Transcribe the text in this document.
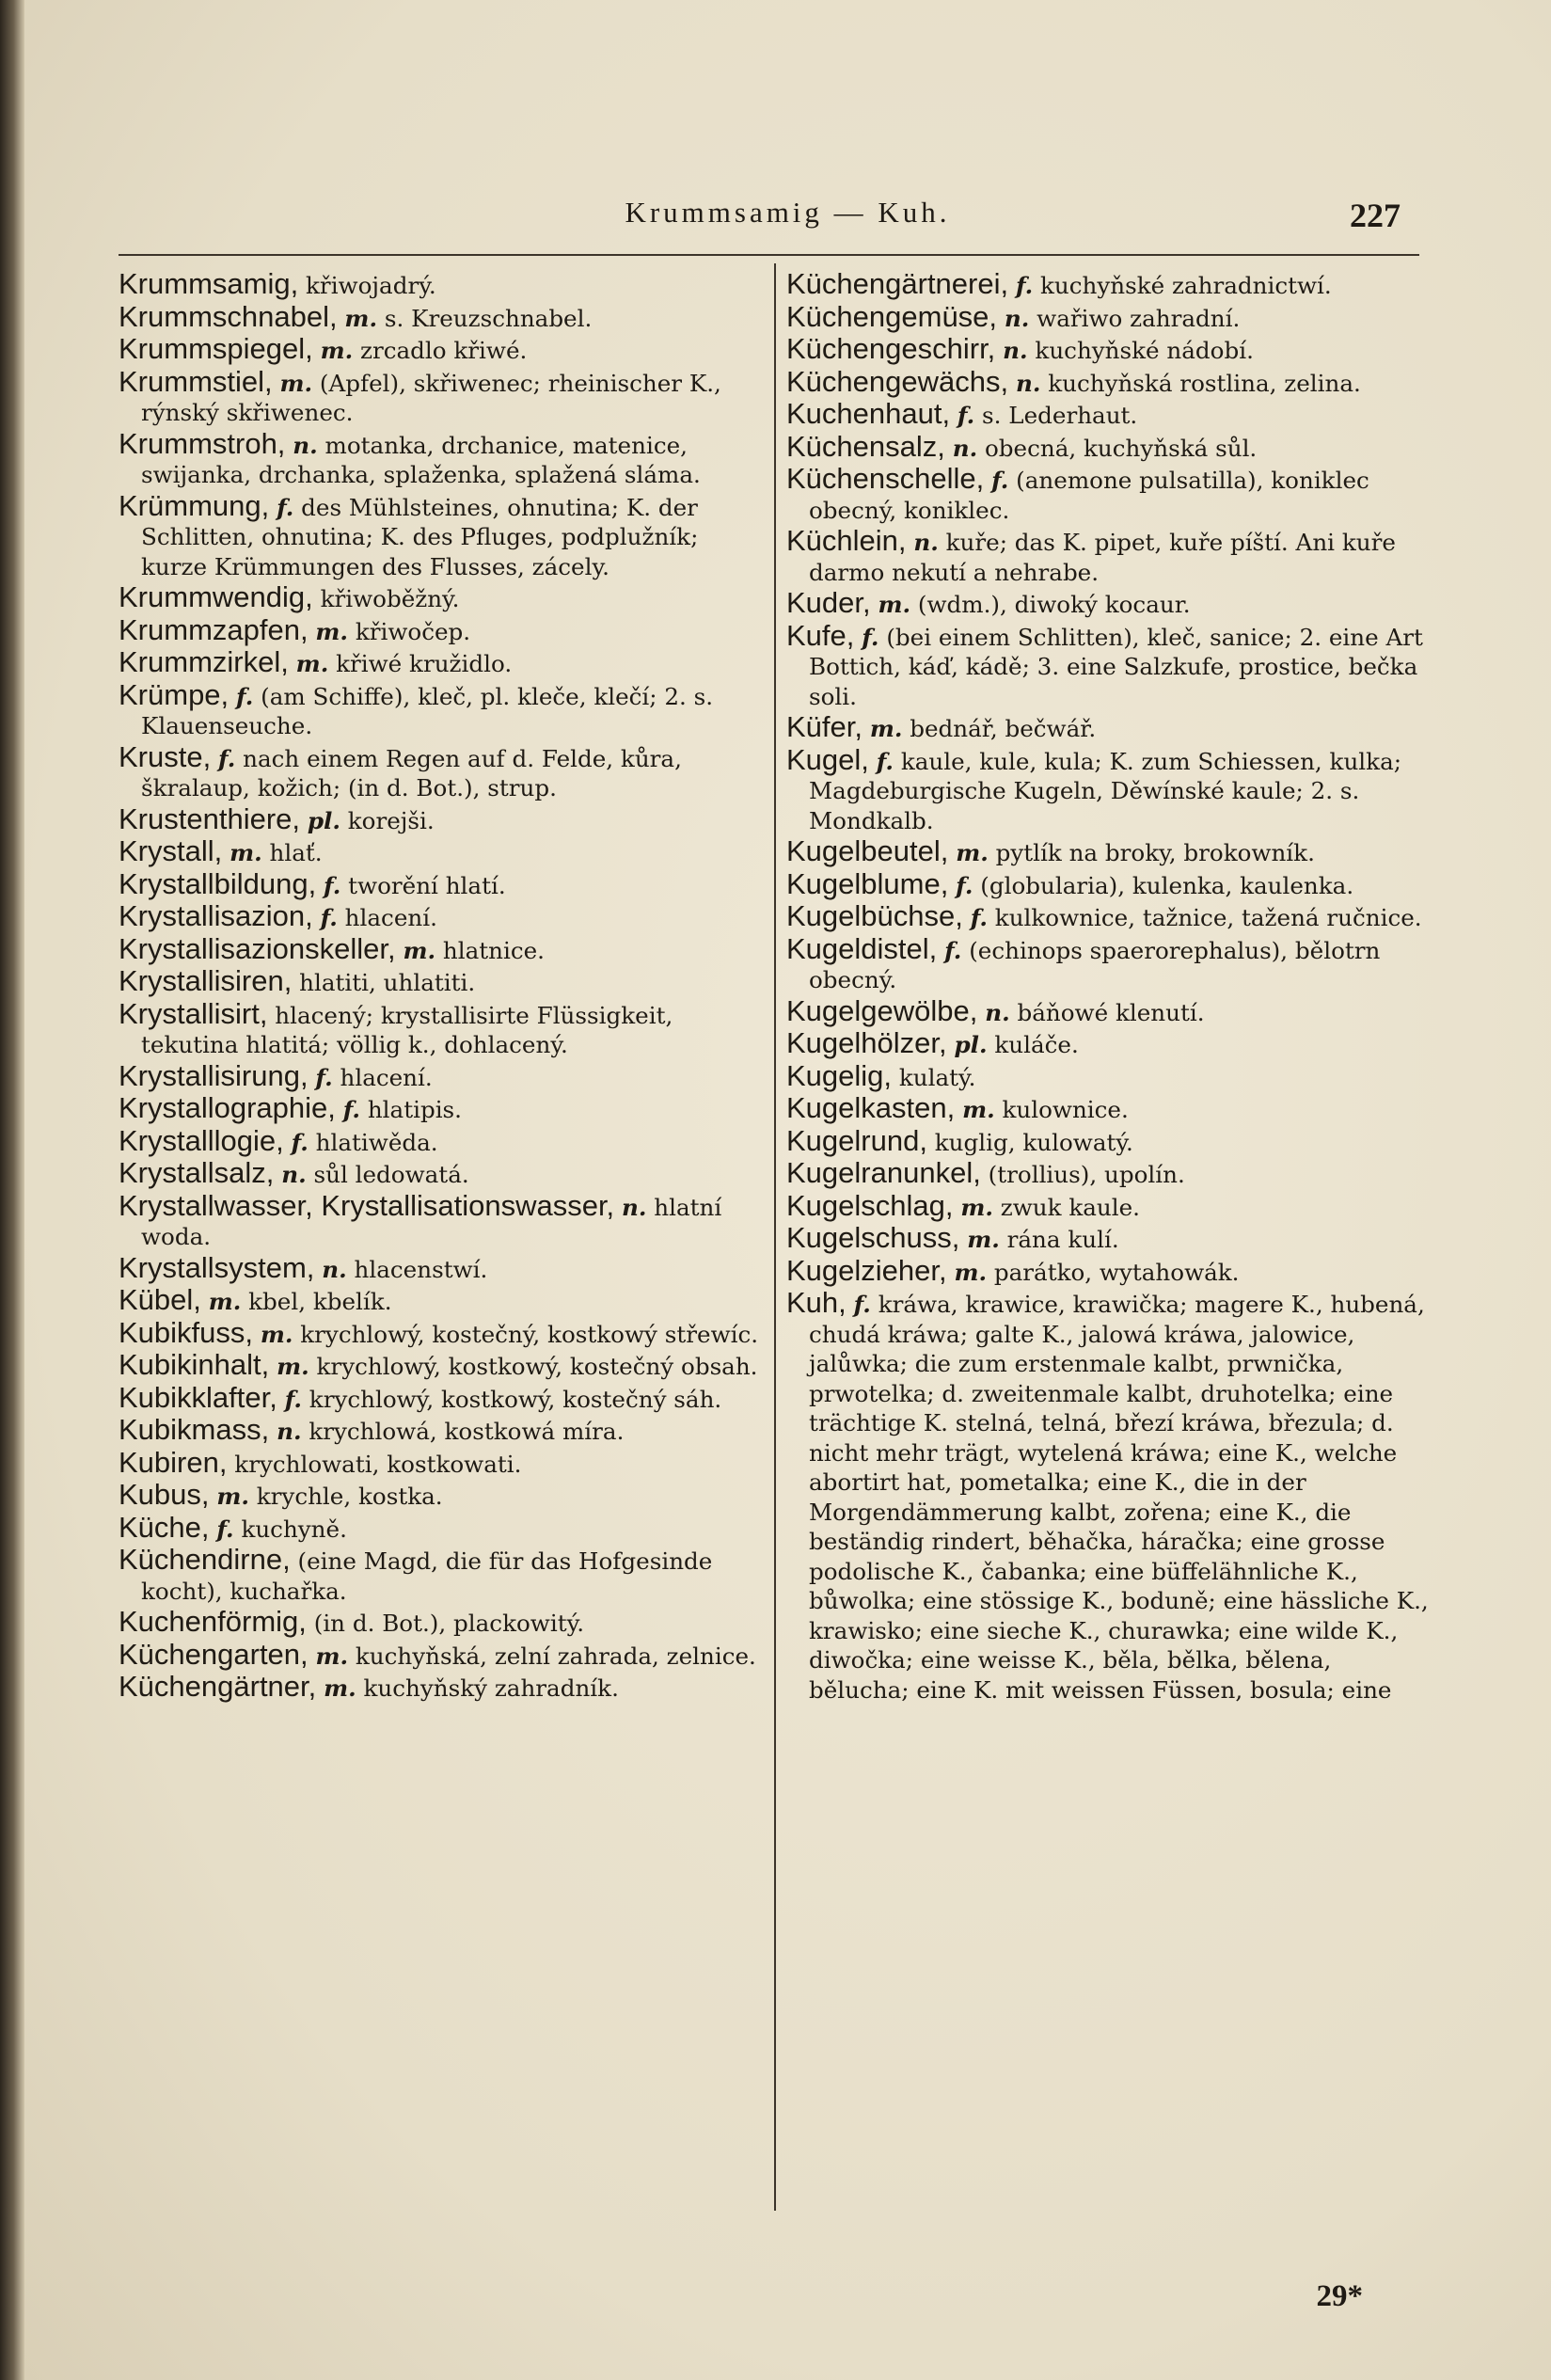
Krummsamig — Kuh.	227

Krummsamig, křiwojadrý.

Krummschnabel, m. s. Kreuzschnabel.

Krummspiegel, m. zrcadlo křiwé.

Krummstiel, m. (Apfel), skřiwenec; rheinischer K., rýnský skřiwenec.

Krummstroh, n. motanka, drchanice, matenice, swijanka, drchanka, splaženka, splažená sláma.

Krümmung, f. des Mühlsteines, ohnutina; K. der Schlitten, ohnutina; K. des Pfluges, podplužník; kurze Krümmungen des Flusses, zácely.

Krummwendig, křiwoběžný.

Krummzapfen, m. křiwočep.

Krummzirkel, m. křiwé kružidlo.

Krümpe, f. (am Schiffe), kleč, pl. kleče, klečí; 2. s. Klauenseuche.

Kruste, f. nach einem Regen auf d. Felde, kůra, škralaup, kožich; (in d. Bot.), strup.

Krustenthiere, pl. korejši.

Krystall, m. hlať.

Krystallbildung, f. tworění hlatí.

Krystallisazion, f. hlacení.

Krystallisazionskeller, m. hlatnice.

Krystallisiren, hlatiti, uhlatiti.

Krystallisirt, hlacený; krystallisirte Flüssigkeit, tekutina hlatitá; völlig k., dohlacený.

Krystallisirung, f. hlacení.

Krystallographie, f. hlatipis.

Krystalllogie, f. hlatiwěda.

Krystallsalz, n. sůl ledowatá.

Krystallwasser, Krystallisationswasser, n. hlatní woda.

Krystallsystem, n. hlacenstwí.

Kübel, m. kbel, kbelík.

Kubikfuss, m. krychlowý, kostečný, kostkowý střewíc.

Kubikinhalt, m. krychlowý, kostkowý, kostečný obsah.

Kubikklafter, f. krychlowý, kostkowý, kostečný sáh.

Kubikmass, n. krychlowá, kostkowá míra.

Kubiren, krychlowati, kostkowati.

Kubus, m. krychle, kostka.

Küche, f. kuchyně.

Küchendirne, (eine Magd, die für das Hofgesinde kocht), kuchařka.

Kuchenförmig, (in d. Bot.), plackowitý.

Küchengarten, m. kuchyňská, zelní zahrada, zelnice.

Küchengärtner, m. kuchyňský zahradník.

Küchengärtnerei, f. kuchyňské zahradnictwí.

Küchengemüse, n. wařiwo zahradní.

Küchengeschirr, n. kuchyňské nádobí.

Küchengewächs, n. kuchyňská rostlina, zelina.

Kuchenhaut, f. s. Lederhaut.

Küchensalz, n. obecná, kuchyňská sůl.

Küchenschelle, f. (anemone pulsatilla), koniklec obecný, koniklec.

Küchlein, n. kuře; das K. pipet, kuře píští. Ani kuře darmo nekutí a nehrabe.

Kuder, m. (wdm.), diwoký kocaur.

Kufe, f. (bei einem Schlitten), kleč, sanice; 2. eine Art Bottich, káď, kádě; 3. eine Salzkufe, prostice, bečka soli.

Küfer, m. bednář, bečwář.

Kugel, f. kaule, kule, kula; K. zum Schiessen, kulka; Magdeburgische Kugeln, Děwínské kaule; 2. s. Mondkalb.

Kugelbeutel, m. pytlík na broky, brokowník.

Kugelblume, f. (globularia), kulenka, kaulenka.

Kugelbüchse, f. kulkownice, tažnice, tažená ručnice.

Kugeldistel, f. (echinops spaerorephalus), bělotrn obecný.

Kugelgewölbe, n. báňowé klenutí.

Kugelhölzer, pl. kuláče.

Kugelig, kulatý.

Kugelkasten, m. kulownice.

Kugelrund, kuglig, kulowatý.

Kugelranunkel, (trollius), upolín.

Kugelschlag, m. zwuk kaule.

Kugelschuss, m. rána kulí.

Kugelzieher, m. parátko, wytahowák.

Kuh, f. kráwa, krawice, krawička; magere K., hubená, chudá kráwa; galte K., jalowá kráwa, jalowice, jalůwka; die zum erstenmale kalbt, prwnička, prwotelka; d. zweitenmale kalbt, druhotelka; eine trächtige K. stelná, telná, březí kráwa, březula; d. nicht mehr trägt, wytelená kráwa; eine K., welche abortirt hat, pometalka; eine K., die in der Morgendämmerung kalbt, zořena; eine K., die beständig rindert, běhačka, háračka; eine grosse podolische K., čabanka; eine büffelähnliche K., bůwolka; eine stössige K., boduně; eine hässliche K., krawisko; eine sieche K., churawka; eine wilde K., diwočka; eine weisse K., běla, bělka, bělena, běluchа; eine K. mit weissen Füssen, bosula; eine

29*
